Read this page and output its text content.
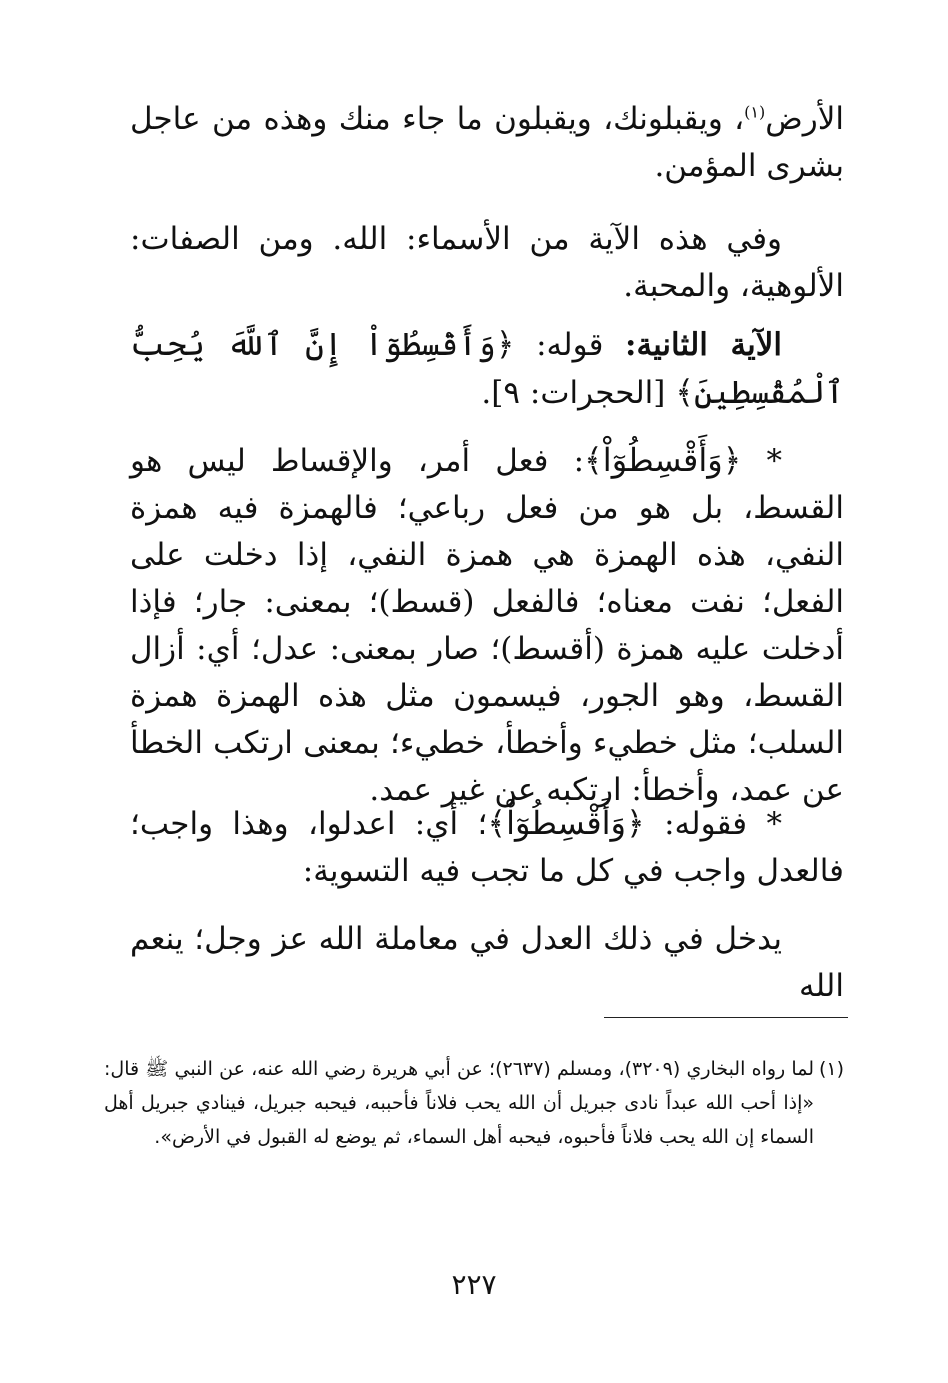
الأرض$^{(١)}$، ويقبلونك، ويقبلون ما جاء منك وهذه من عاجل بشرى المؤمن.
وفي هذه الآية من الأسماء: الله. ومن الصفات: الألوهية، والمحبة.
الآية الثانية: قوله: ﴿وَأَقْسِطُوٓاْ إِنَّ ٱللَّهَ يُحِبُّ ٱلْمُقْسِطِينَ﴾ [الحجرات: ٩].
* ﴿وَأَقْسِطُوٓاْ﴾: فعل أمر، والإقساط ليس هو القسط، بل هو من فعل رباعي؛ فالهمزة فيه همزة النفي، هذه الهمزة هي همزة النفي، إذا دخلت على الفعل؛ نفت معناه؛ فالفعل (قسط)؛ بمعنى: جار؛ فإذا أدخلت عليه همزة (أقسط)؛ صار بمعنى: عدل؛ أي: أزال القسط، وهو الجور، فيسمون مثل هذه الهمزة همزة السلب؛ مثل خطيء وأخطأ، خطيء؛ بمعنى ارتكب الخطأ عن عمد، وأخطأ: ارتكبه عن غير عمد.
* فقوله: ﴿وَأَقْسِطُوٓاْ﴾؛ أي: اعدلوا، وهذا واجب؛ فالعدل واجب في كل ما تجب فيه التسوية:
يدخل في ذلك العدل في معاملة الله عز وجل؛ ينعم الله
(١)
لما رواه البخاري (٣٢٠٩)، ومسلم (٢٦٣٧)؛ عن أبي هريرة رضي الله عنه، عن النبي ﷺ قال: «إذا أحب الله عبداً نادى جبريل أن الله يحب فلاناً فأحببه، فيحبه جبريل، فينادي جبريل أهل السماء إن الله يحب فلاناً فأحبوه، فيحبه أهل السماء، ثم يوضع له القبول في الأرض».
٢٢٧
